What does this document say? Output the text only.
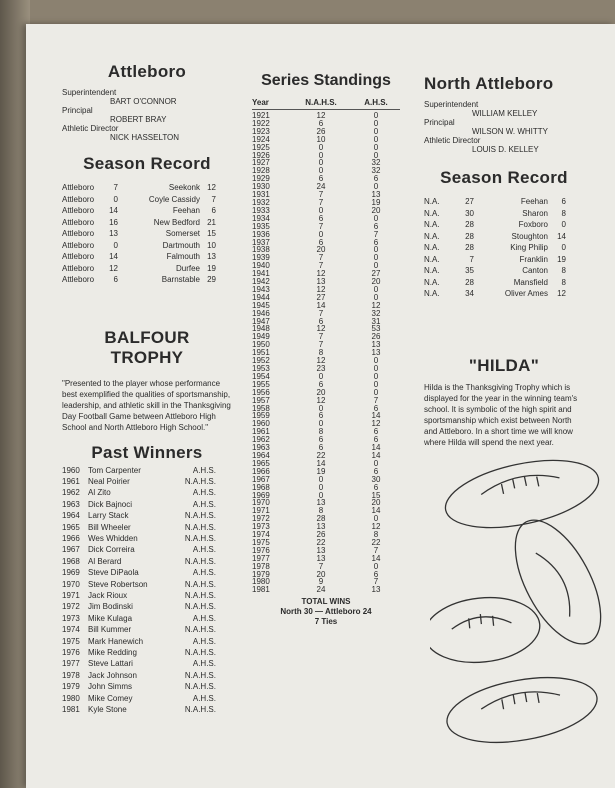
Attleboro
Superintendent
BART O'CONNOR
Principal
ROBERT BRAY
Athletic Director
NICK HASSELTON
Season Record
Attleboro 7	Seekonk 12
Attleboro 0	Coyle Cassidy 7
Attleboro 14	Feehan 6
Attleboro 16	New Bedford 21
Attleboro 13	Somerset 15
Attleboro 0	Dartmouth 10
Attleboro 14	Falmouth 13
Attleboro 12	Durfee 19
Attleboro 6	Barnstable 29
BALFOUR
TROPHY

"Presented to the player whose performance best exemplified the qualities of sportsmanship, leadership, and athletic skill in the Thanksgiving Day Football Game between Attleboro High School and North Attleboro High School."

Past Winners
1960 Tom Carpenter	A.H.S.
1961 Neal Poirier	N.A.H.S.
1962 Al Zito	A.H.S.
1963 Dick Bajnoci	A.H.S.
1964 Larry Stack	N.A.H.S.
1965 Bill Wheeler	N.A.H.S.
1966 Wes Whidden	N.A.H.S.
1967 Dick Correira	A.H.S.
1968 Al Berard	N.A.H.S.
1969 Steve DiPaola	A.H.S.
1970 Steve Robertson	N.A.H.S.
1971 Jack Rioux	N.A.H.S.
1972 Jim Bodinski	N.A.H.S.
1973 Mike Kulaga	A.H.S.
1974 Bill Kummer	N.A.H.S.
1975 Mark Hanewich	A.H.S.
1976 Mike Redding	N.A.H.S.
1977 Steve Lattari	A.H.S.
1978 Jack Johnson	N.A.H.S.
1979 John Simms	N.A.H.S.
1980 Mike Comey	A.H.S.
1981 Kyle Stone	N.A.H.S.
Series Standings
Year	N.A.H.S.	A.H.S.
1921	12	0
1922	6	0
1923	26	0
1924	10	0
1925	0	0
1926	0	0
1927	0	32
1928	0	32
1929	6	6
1930	24	0
1931	7	13
1932	7	19
1933	0	20
1934	6	0
1935	7	6
1936	0	7
1937	6	6
1938	20	0
1939	7	0
1940	7	0
1941	12	27
1942	13	20
1943	12	0
1944	27	0
1945	14	12
1946	7	32
1947	6	31
1948	12	53
1949	7	26
1950	7	13
1951	8	13
1952	12	0
1953	23	0
1954	0	0
1955	6	0
1956	20	0
1957	12	7
1958	0	6
1959	6	14
1960	0	12
1961	8	6
1962	6	6
1963	6	14
1964	22	14
1965	14	0
1966	19	6
1967	0	30
1968	0	6
1969	0	15
1970	13	20
1971	8	14
1972	28	0
1973	13	12
1974	26	8
1975	22	22
1976	13	7
1977	13	14
1978	7	0
1979	20	6
1980	9	7
1981	24	13
TOTAL WINS
North 30 — Attleboro 24
7 Ties
North Attleboro
Superintendent
WILLIAM KELLEY
Principal
WILSON W. WHITTY
Athletic Director
LOUIS D. KELLEY
Season Record
N.A.	27	Feehan 6
N.A.	30	Sharon 8
N.A.	28	Foxboro 0
N.A.	28	Stoughton 14
N.A.	28	King Philip 0
N.A.	7	Franklin 19
N.A.	35	Canton 8
N.A.	28	Mansfield 8
N.A.	34	Oliver Ames 12
"HILDA"

Hilda is the Thanksgiving Trophy which is displayed for the year in the winning team's school. It is symbolic of the high spirit and sportsmanship which exist between North and Attleboro. In a short time we will know where Hilda will spend the next year.
